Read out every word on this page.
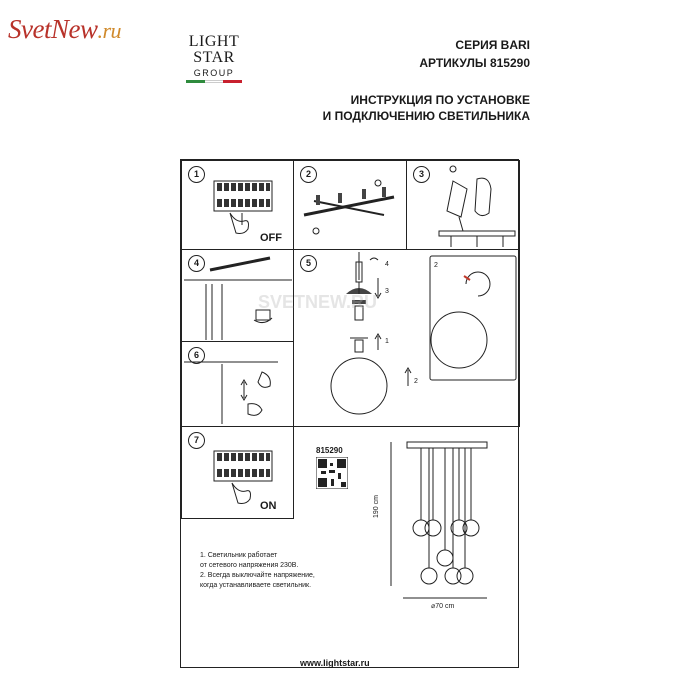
SvetNew.ru	LIGHT
STAR
GROUP
СЕРИЯ BARI
АРТИКУЛЫ 815290
ИНСТРУКЦИЯ ПО УСТАНОВКЕ
И ПОДКЛЮЧЕНИЮ СВЕТИЛЬНИКА
1
OFF
2	3
4	5	4
3
1
2
2
6
7
ON
815290
190 cm
⌀70 cm
SVETNEW.RU
1. Светильник работает
от сетевого напряжения 230В.
2. Всегда выключайте напряжение,
когда устанавливаете светильник.
www.lightstar.ru
